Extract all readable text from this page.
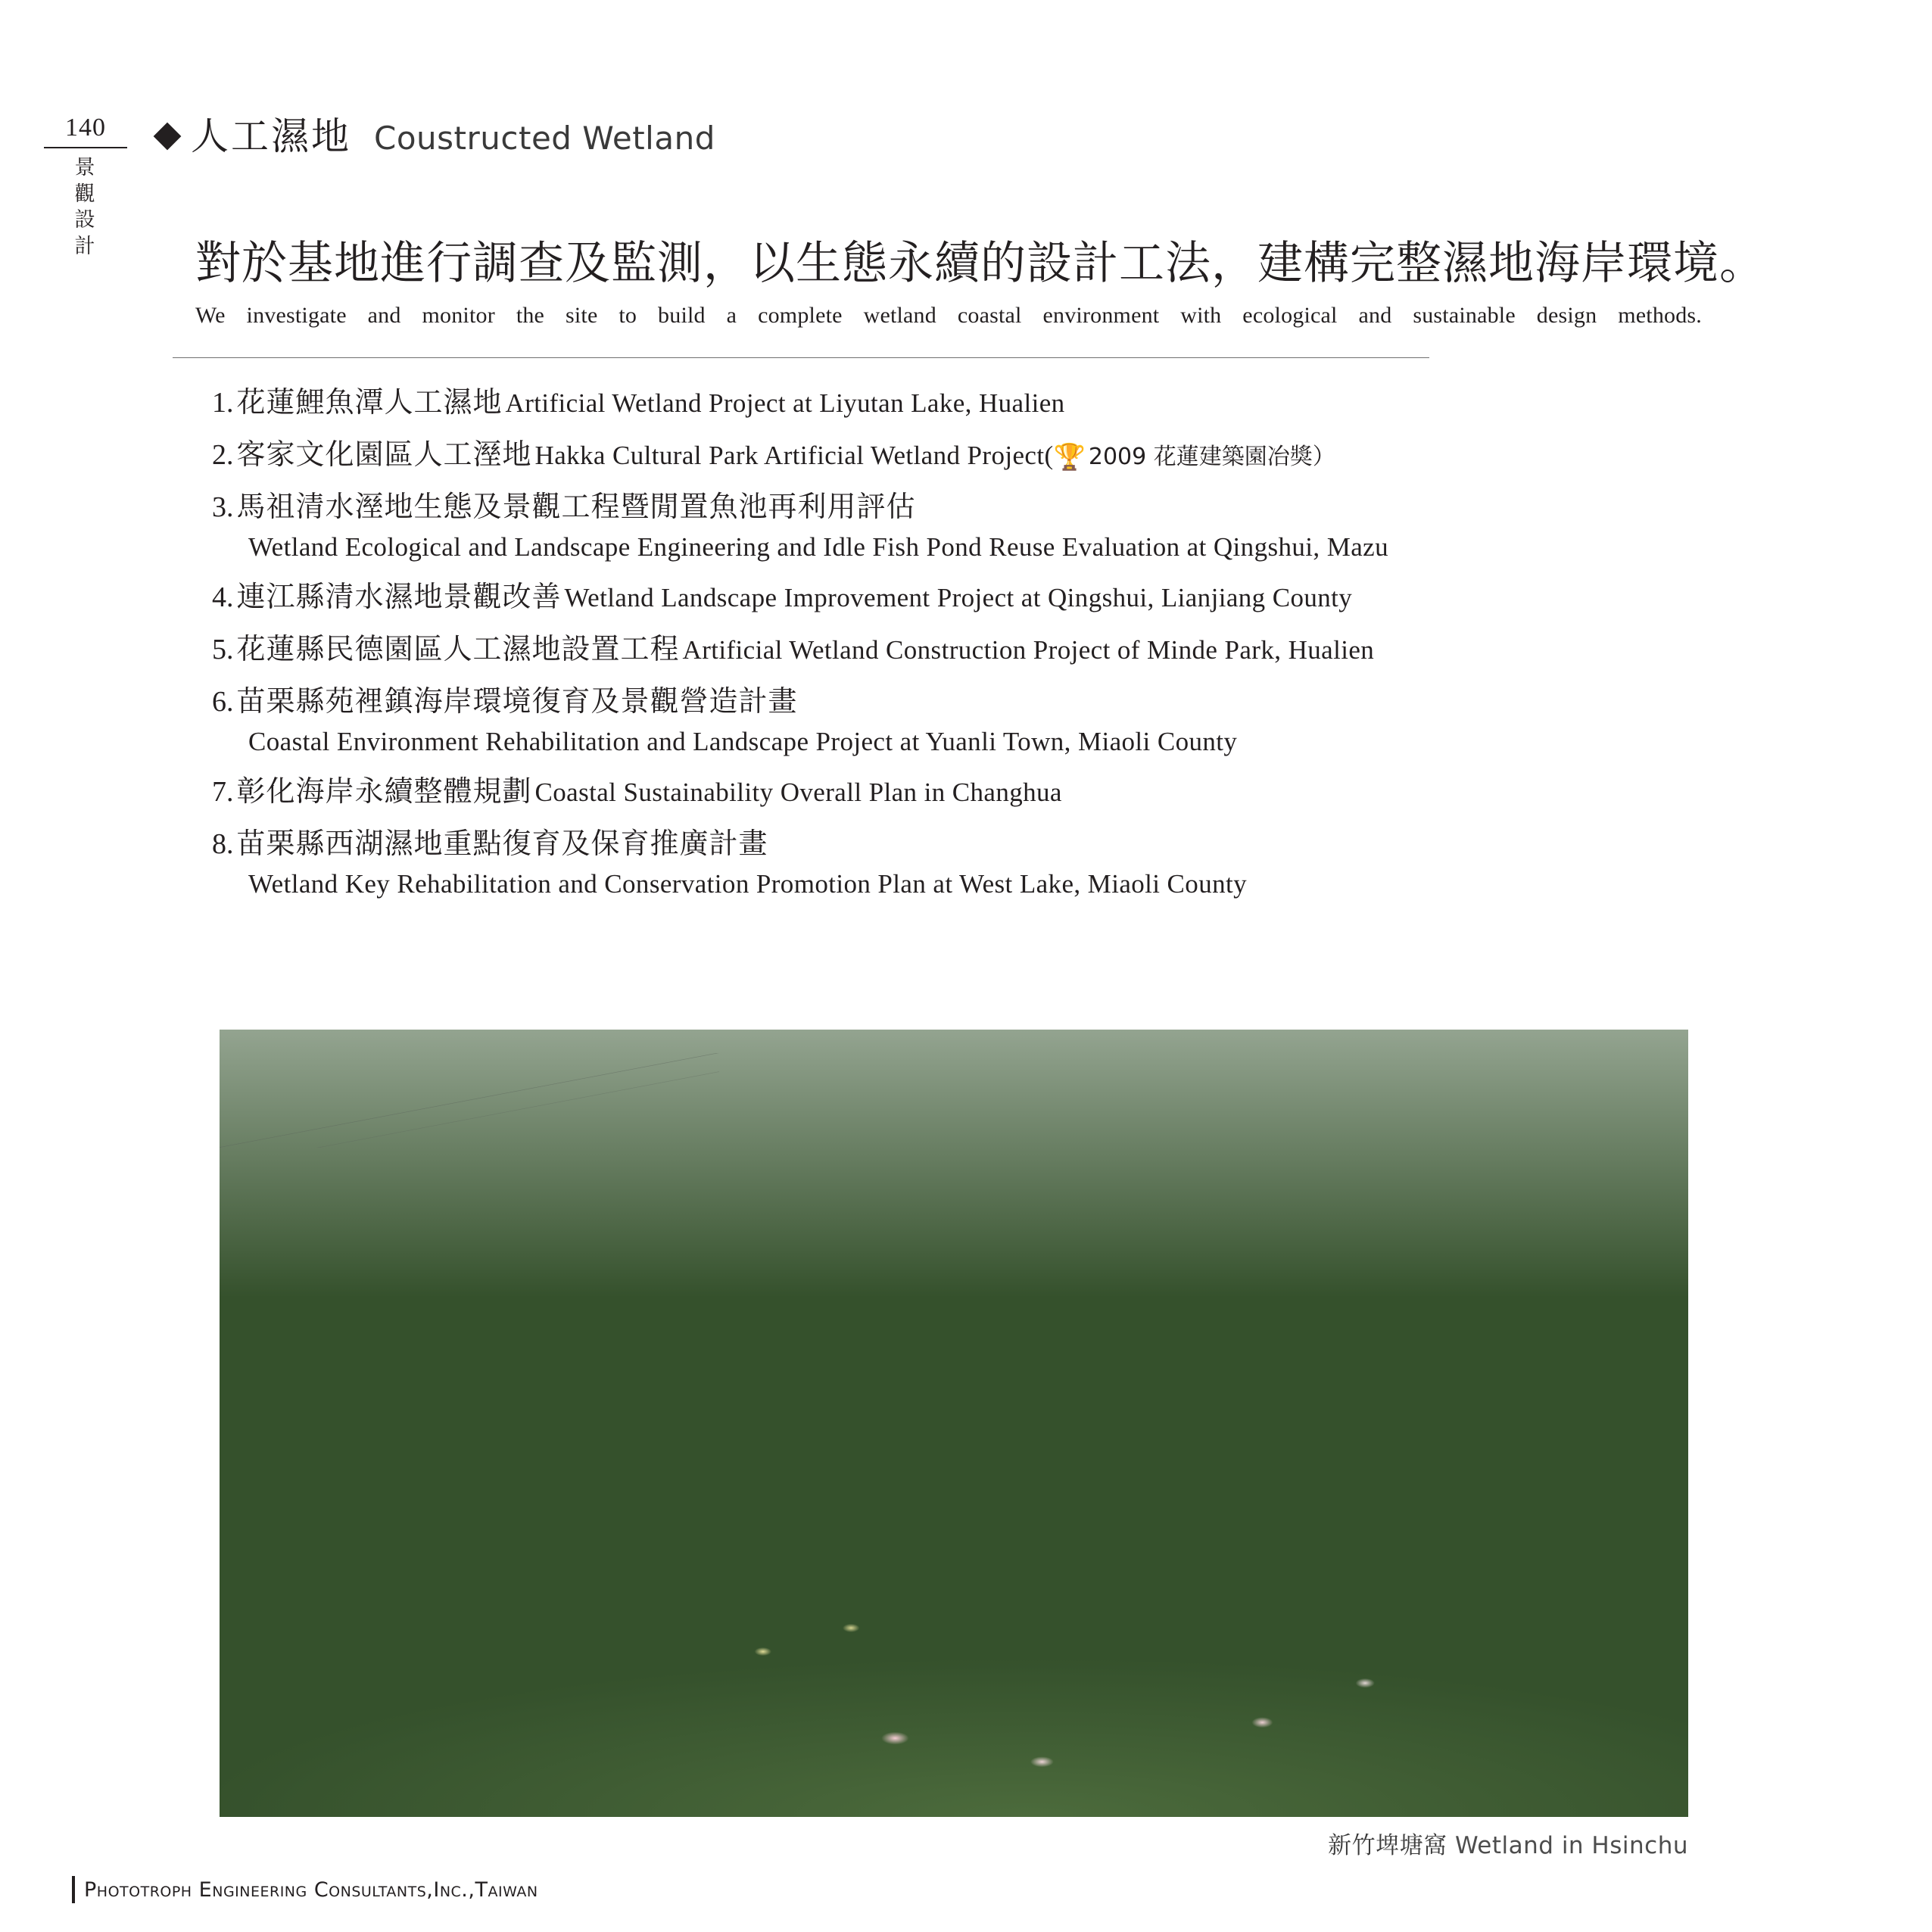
140
景
觀
設
計
人工濕地 Coustructed Wetland
對於基地進行調查及監測，以生態永續的設計工法，建構完整濕地海岸環境。
We investigate and monitor the site to build a complete wetland coastal environment with ecological and sustainable design methods.
1. 花蓮鯉魚潭人工濕地 Artificial Wetland Project at Liyutan Lake, Hualien
2. 客家文化園區人工溼地 Hakka Cultural Park Artificial Wetland Project(🏆 2009 花蓮建築園冶獎）
3. 馬祖清水溼地生態及景觀工程暨閒置魚池再利用評估
Wetland Ecological and Landscape Engineering and Idle Fish Pond Reuse Evaluation at Qingshui, Mazu
4. 連江縣清水濕地景觀改善 Wetland Landscape Improvement Project at Qingshui, Lianjiang County
5. 花蓮縣民德園區人工濕地設置工程 Artificial Wetland Construction Project of Minde Park, Hualien
6. 苗栗縣苑裡鎮海岸環境復育及景觀營造計畫
Coastal Environment Rehabilitation and Landscape Project at Yuanli Town, Miaoli County
7. 彰化海岸永續整體規劃 Coastal Sustainability Overall Plan in Changhua
8. 苗栗縣西湖濕地重點復育及保育推廣計畫
Wetland Key Rehabilitation and Conservation Promotion Plan at West Lake, Miaoli County
新竹埤塘窩 Wetland in Hsinchu
Phototroph Engineering Consultants,Inc.,Taiwan
